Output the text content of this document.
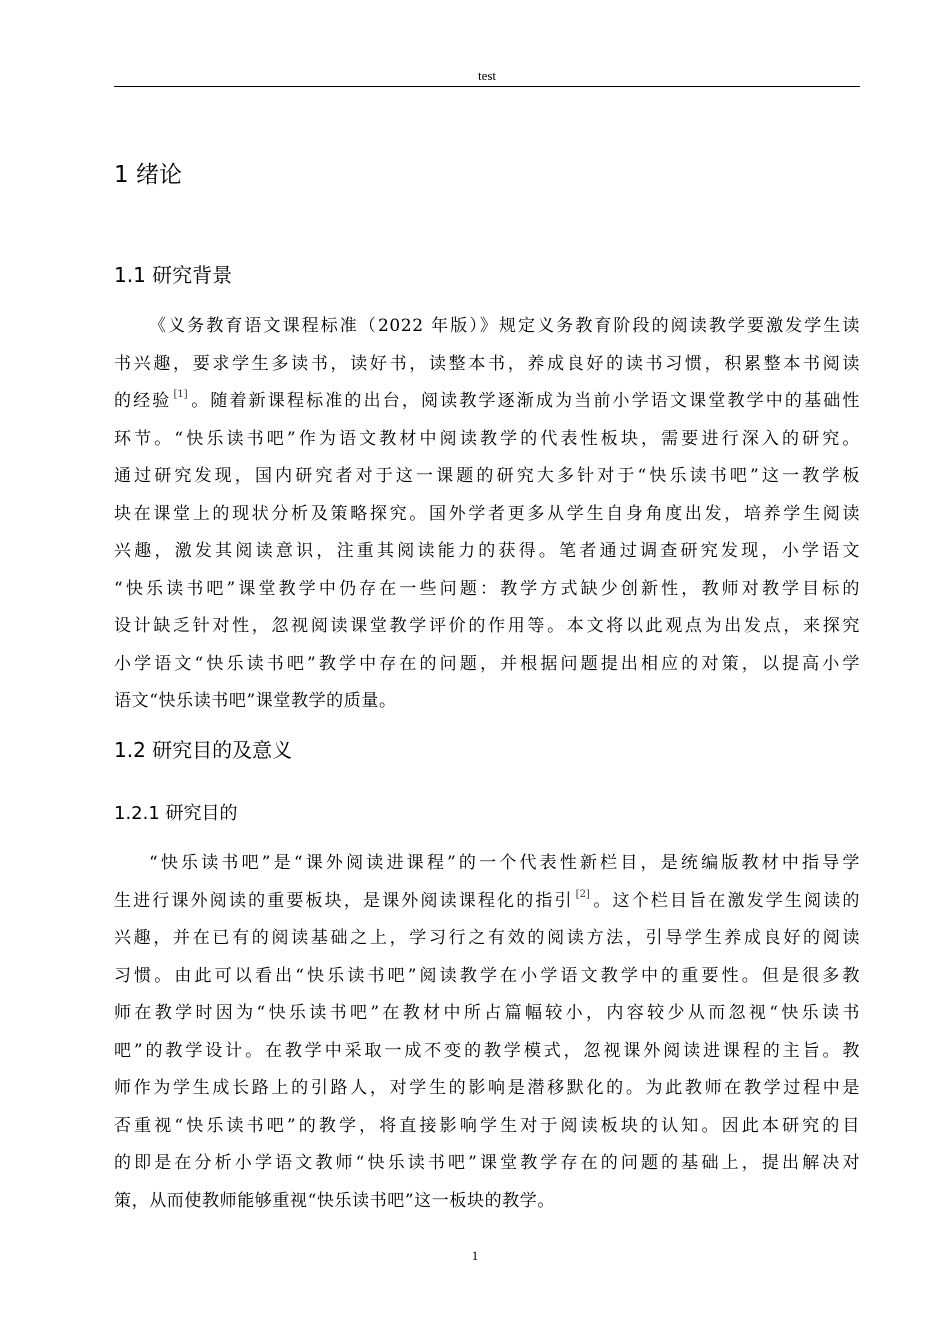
test
1 绪论
1.1 研究背景
《义务教育语文课程标准（2022 年版）》规定义务教育阶段的阅读教学要激发学生读
书兴趣，要求学生多读书，读好书，读整本书，养成良好的读书习惯，积累整本书阅读
的经验 [1] 。随着新课程标准的出台，阅读教学逐渐成为当前小学语文课堂教学中的基础性
环节。“快乐读书吧”作为语文教材中阅读教学的代表性板块，需要进行深入的研究。
通过研究发现，国内研究者对于这一课题的研究大多针对于“快乐读书吧”这一教学板
块在课堂上的现状分析及策略探究。国外学者更多从学生自身角度出发，培养学生阅读
兴趣，激发其阅读意识，注重其阅读能力的获得。笔者通过调查研究发现，小学语文
“快乐读书吧”课堂教学中仍存在一些问题：教学方式缺少创新性，教师对教学目标的
设计缺乏针对性，忽视阅读课堂教学评价的作用等。本文将以此观点为出发点，来探究
小学语文“快乐读书吧”教学中存在的问题，并根据问题提出相应的对策，以提高小学
语文“快乐读书吧”课堂教学的质量。
1.2 研究目的及意义
1.2.1 研究目的
“快乐读书吧”是“课外阅读进课程”的一个代表性新栏目，是统编版教材中指导学
生进行课外阅读的重要板块，是课外阅读课程化的指引 [2] 。这个栏目旨在激发学生阅读的
兴趣，并在已有的阅读基础之上，学习行之有效的阅读方法，引导学生养成良好的阅读
习惯。由此可以看出“快乐读书吧”阅读教学在小学语文教学中的重要性。但是很多教
师在教学时因为“快乐读书吧”在教材中所占篇幅较小，内容较少从而忽视“快乐读书
吧”的教学设计。在教学中采取一成不变的教学模式，忽视课外阅读进课程的主旨。教
师作为学生成长路上的引路人，对学生的影响是潜移默化的。为此教师在教学过程中是
否重视“快乐读书吧”的教学，将直接影响学生对于阅读板块的认知。因此本研究的目
的即是在分析小学语文教师“快乐读书吧”课堂教学存在的问题的基础上，提出解决对
策，从而使教师能够重视“快乐读书吧”这一板块的教学。
1
